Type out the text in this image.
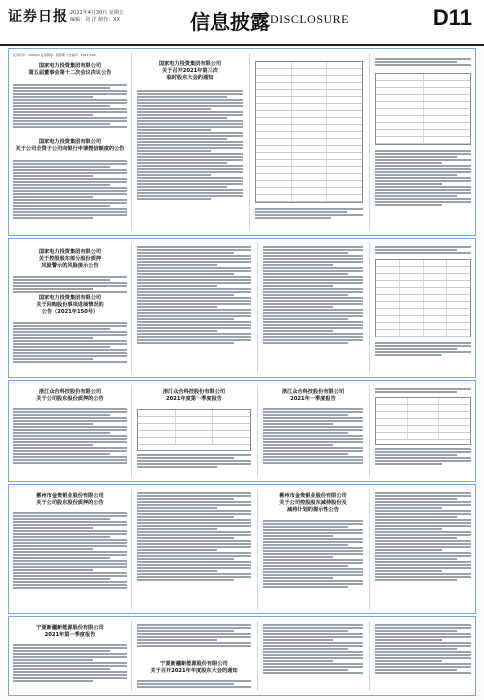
证券日报 2021年4月30日 星期五
编辑：刘 洋 制作：XX	信息披露 DISCLOSURE	D11
证券代码：300XXX 证券简称：凯恩斯 公告编号：2021-XXX
国家电力投资集团有限公司
第五届董事会第十二次会议决议公告
国家电力投资集团有限公司
关于公司全资子公司向银行申请授信额度的公告
国家电力投资集团有限公司
关于召开2021年第三次
临时股东大会的通知
国家电力投资集团有限公司
关于控股股东部分股份质押
风险警示的风险提示公告
国家电力投资集团有限公司
关于回购股份事项进展情况的
公告（2021年150号）
浙江众合科技股份有限公司
关于公司股东股份质押的公告
浙江众合科技股份有限公司
2021年度第一季度报告
浙江众合科技股份有限公司
2021年一季度报告
郴州市金贵银业股份有限公司
关于公司股东股份质押的公告
郴州市金贵银业股份有限公司
关于公司控股股东减持股份及
减持计划的提示性公告
宁夏新疆新能源股份有限公司
2021年第一季度报告
宁夏新疆新能源股份有限公司
关于召开2021年年度股东大会的通知
